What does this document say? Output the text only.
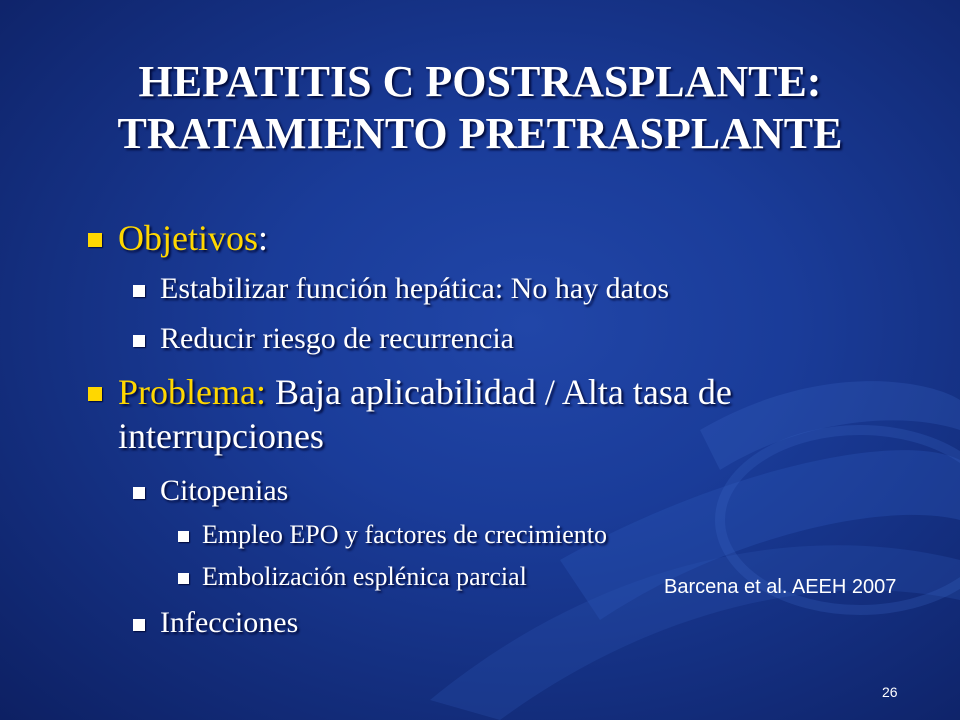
HEPATITIS C POSTRASPLANTE:
TRATAMIENTO PRETRASPLANTE
Objetivos:
Estabilizar función hepática: No hay datos
Reducir riesgo de recurrencia
Problema: Baja aplicabilidad / Alta tasa de
interrupciones
Citopenias
Empleo EPO y factores de crecimiento
Embolización esplénica parcial
Infecciones
Barcena et al. AEEH 2007
26
